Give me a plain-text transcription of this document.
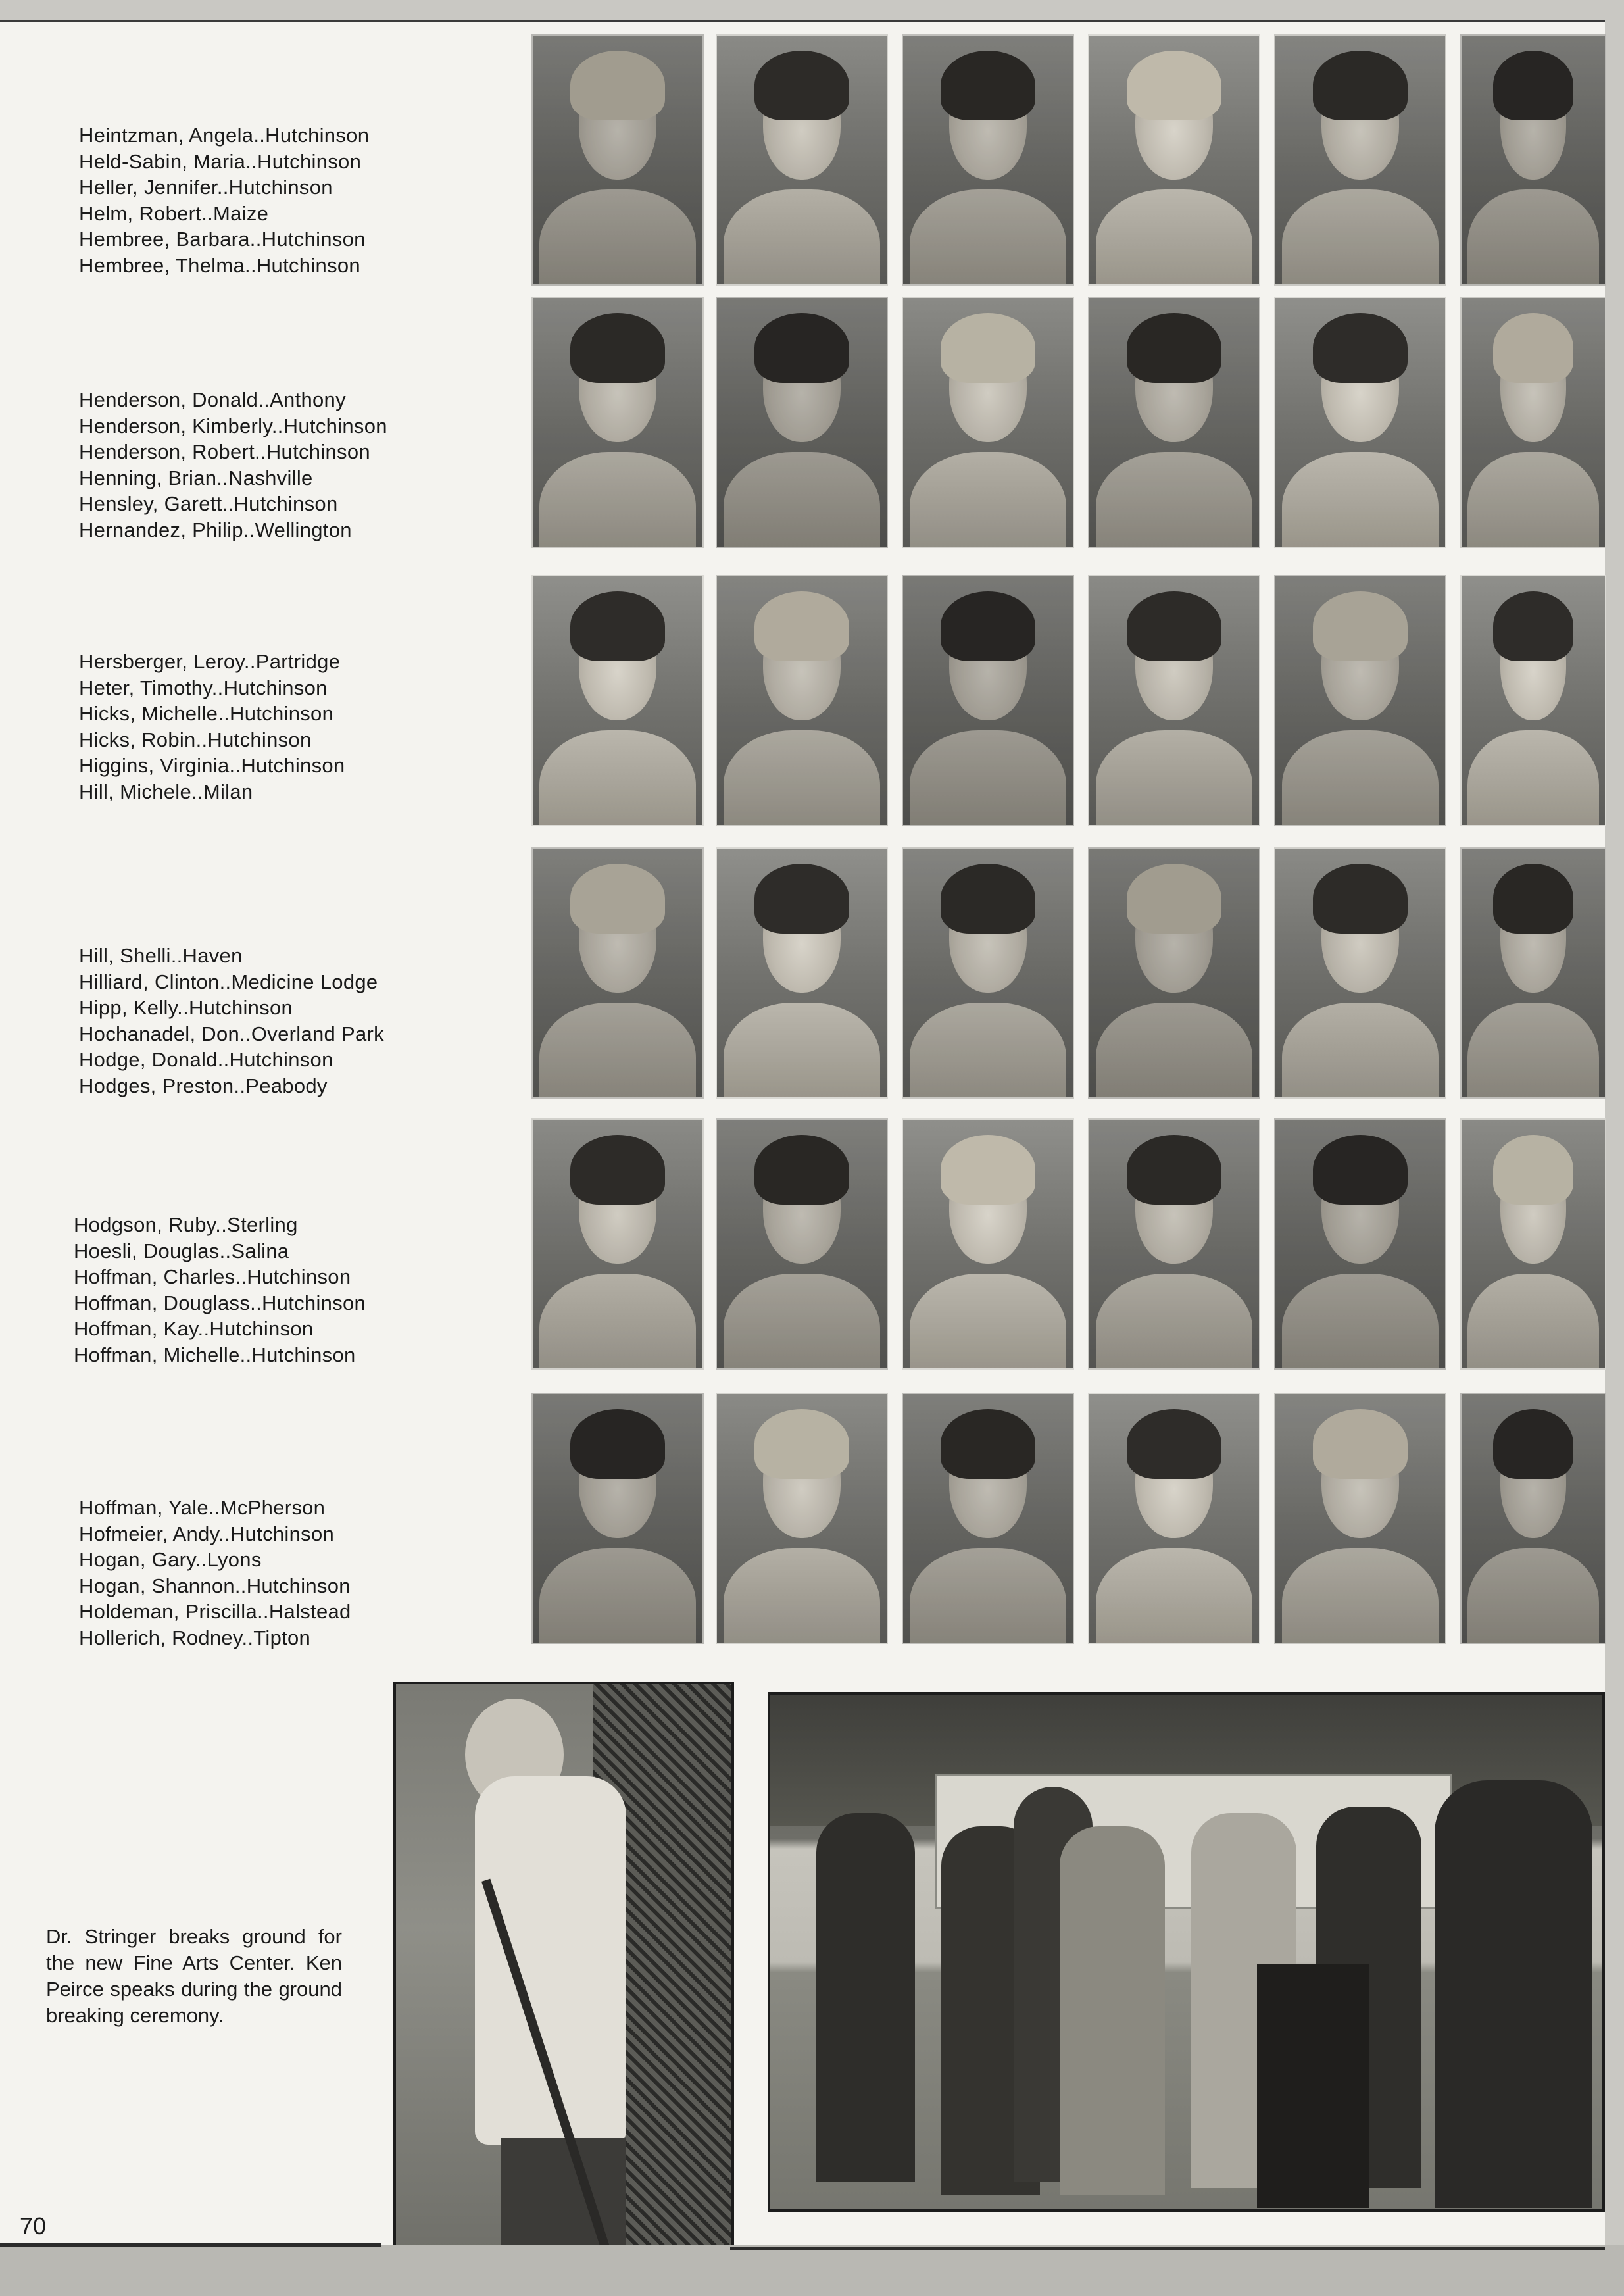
Heintzman, Angela..Hutchinson
Held-Sabin, Maria..Hutchinson
Heller, Jennifer..Hutchinson
Helm, Robert..Maize
Hembree, Barbara..Hutchinson
Hembree, Thelma..Hutchinson
Henderson, Donald..Anthony
Henderson, Kimberly..Hutchinson
Henderson, Robert..Hutchinson
Henning, Brian..Nashville
Hensley, Garett..Hutchinson
Hernandez, Philip..Wellington
Hersberger, Leroy..Partridge
Heter, Timothy..Hutchinson
Hicks, Michelle..Hutchinson
Hicks, Robin..Hutchinson
Higgins, Virginia..Hutchinson
Hill, Michele..Milan
Hill, Shelli..Haven
Hilliard, Clinton..Medicine Lodge
Hipp, Kelly..Hutchinson
Hochanadel, Don..Overland Park
Hodge, Donald..Hutchinson
Hodges, Preston..Peabody
Hodgson, Ruby..Sterling
Hoesli, Douglas..Salina
Hoffman, Charles..Hutchinson
Hoffman, Douglass..Hutchinson
Hoffman, Kay..Hutchinson
Hoffman, Michelle..Hutchinson
Hoffman, Yale..McPherson
Hofmeier, Andy..Hutchinson
Hogan, Gary..Lyons
Hogan, Shannon..Hutchinson
Holdeman, Priscilla..Halstead
Hollerich, Rodney..Tipton

Dr. Stringer breaks ground for the new Fine Arts Center. Ken Peirce speaks during the ground breaking ceremony.

70
